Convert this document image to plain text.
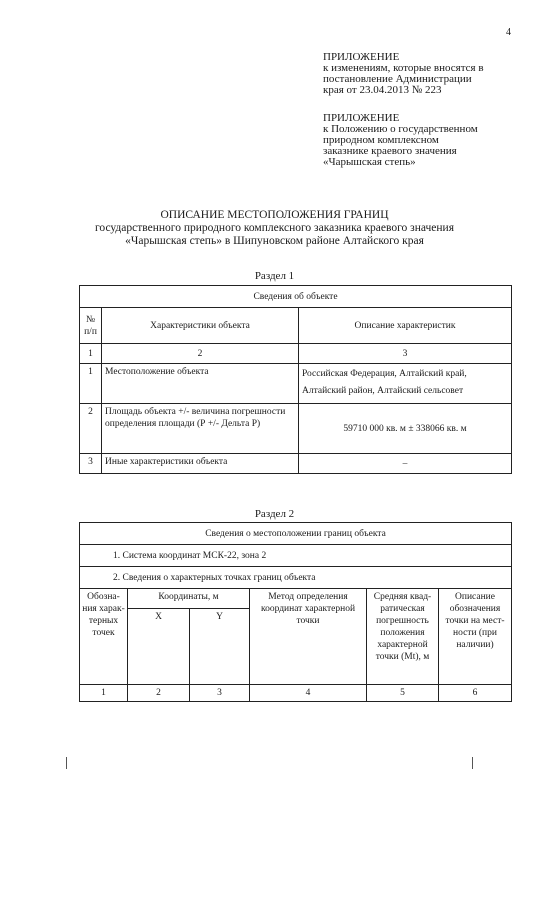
4
ПРИЛОЖЕНИЕ
к изменениям, которые вносятся в
постановление Администрации
края от 23.04.2013 № 223
ПРИЛОЖЕНИЕ
к Положению о государственном
природном комплексном
заказнике краевого значения
«Чарышская степь»
ОПИСАНИЕ МЕСТОПОЛОЖЕНИЯ ГРАНИЦ
государственного природного комплексного заказника краевого значения
«Чарышская степь» в Шипуновском районе Алтайского края
Раздел 1
Сведения об объекте		
№ п/п	Характеристики объекта	Описание характеристик
1	2	3
1	Местоположение объекта	Российская Федерация, Алтайский край, Алтайский район, Алтайский сельсовет
2	Площадь объекта +/- величина погрешности определения площади (Р +/- Дельта Р)	59710 000 кв. м ± 338066 кв. м
3	Иные характеристики объекта	–
Раздел 2
Сведения о местоположении границ объекта					
1. Система координат МСК-22, зона 2					
2. Сведения о характерных точках границ объекта					
Обозна-ния харак-терных точек	Координаты, м		Метод определения координат характерной точки	Средняя квад-ратическая погрешность положения характерной точки (Mt), м	Описание обозначения точки на мест-ности (при наличии)
	X	Y			
1	2	3	4	5	6
